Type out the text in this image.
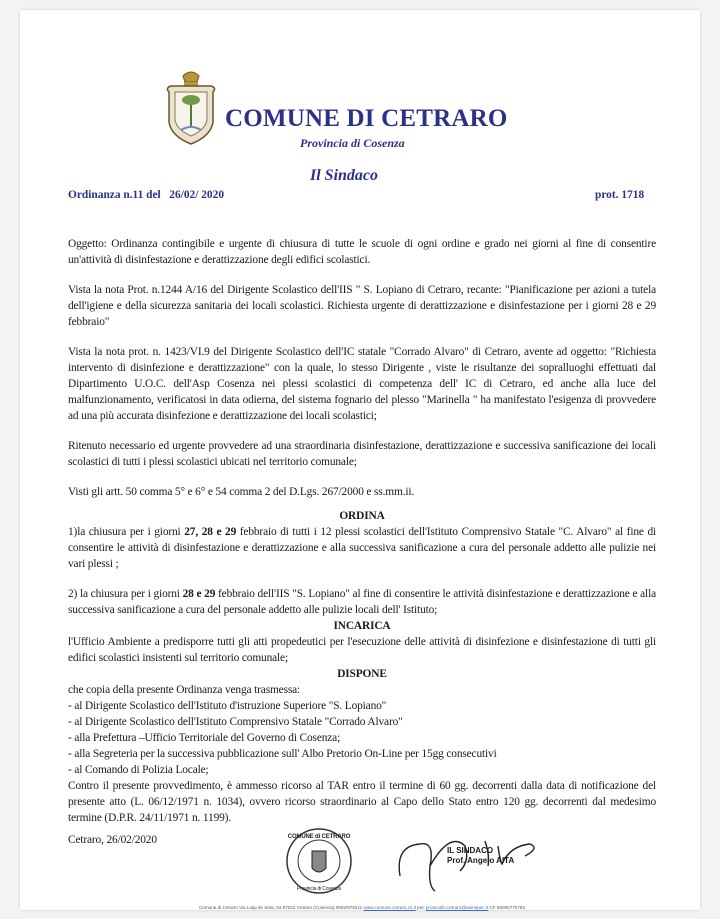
COMUNE DI CETRARO
Provincia di Cosenza
Il Sindaco
Ordinanza n.11 del   26/02/ 2020	prot. 1718

Oggetto: Ordinanza contingibile e urgente di chiusura di tutte le scuole di ogni ordine e grado nei giorni al fine di consentire un'attività di disinfestazione e derattizzazione degli edifici scolastici.

Vista la nota Prot. n.1244 A/16 del Dirigente Scolastico dell'IIS " S. Lopiano di Cetraro, recante: "Pianificazione per azioni a tutela dell'igiene e della sicurezza sanitaria dei locali scolastici. Richiesta urgente di derattizzazione e disinfestazione per i giorni 28 e 29 febbraio"

Vista la nota prot. n. 1423/VI.9 del Dirigente Scolastico dell'IC statale "Corrado Alvaro" di Cetraro, avente ad oggetto: "Richiesta intervento di disinfezione e derattizzazione" con la quale, lo stesso Dirigente , viste le risultanze dei sopralluoghi effettuati dal Dipartimento U.O.C. dell'Asp Cosenza nei plessi scolastici di competenza dell' IC di Cetraro, ed anche alla luce del malfunzionamento, verificatosi in data odierna, del sistema fognario del plesso "Marinella " ha manifestato l'esigenza di provvedere ad una più accurata disinfezione e derattizzazione dei locali scolastici;

Ritenuto necessario ed urgente provvedere ad una straordinaria disinfestazione, derattizzazione e successiva sanificazione dei locali scolastici di tutti i plessi scolastici ubicati nel territorio comunale;

Visti gli artt. 50 comma 5° e 6° e 54 comma 2 del D.Lgs. 267/2000 e ss.mm.ii.

ORDINA

1)la chiusura per i giorni 27, 28 e 29 febbraio di tutti i 12 plessi scolastici dell'Istituto Comprensivo Statale "C. Alvaro" al fine di consentire le attività di disinfestazione e derattizzazione e alla successiva sanificazione a cura del personale addetto alle pulizie nei vari plessi ;

2) la chiusura per i giorni 28 e 29 febbraio dell'IIS "S. Lopiano" al fine di consentire le attività disinfestazione e derattizzazione e alla successiva sanificazione a cura del personale addetto alle pulizie locali dell' Istituto;

INCARICA

l'Ufficio Ambiente a predisporre tutti gli atti propedeutici per l'esecuzione delle attività di disinfezione e disinfestazione di tutti gli edifici scolastici insistenti sul territorio comunale;

DISPONE
che copia della presente Ordinanza venga trasmessa:
- al Dirigente Scolastico dell'Istituto d'istruzione Superiore "S. Lopiano"
- al Dirigente Scolastico dell'Istituto Comprensivo Statale "Corrado Alvaro"
- alla Prefettura –Ufficio Territoriale del Governo di Cosenza;
- alla Segreteria per la successiva pubblicazione sull' Albo Pretorio On-Line per 15gg consecutivi
- al Comando di Polizia Locale;

Contro il presente provvedimento, è ammesso ricorso al TAR entro il termine di 60 gg. decorrenti dalla data di notificazione del presente atto (L. 06/12/1971 n. 1034), ovvero ricorso straordinario al Capo dello Stato entro 120 gg. decorrenti dal medesimo termine (D.P.R. 24/11/1971 n. 1199).

Cetraro, 26/02/2020	COMUNE di CETRARO
Provincia di Cosenza
IL SINDACO
Prof. Angelo AITA
Comune di Cetraro Via Luigi de Seta, 54 87022 Cetraro (Cosenza) 0982/976211 www.comune.cetraro.cs.it pec protocollo.cetraro@asmepec.it CF 86000770783
